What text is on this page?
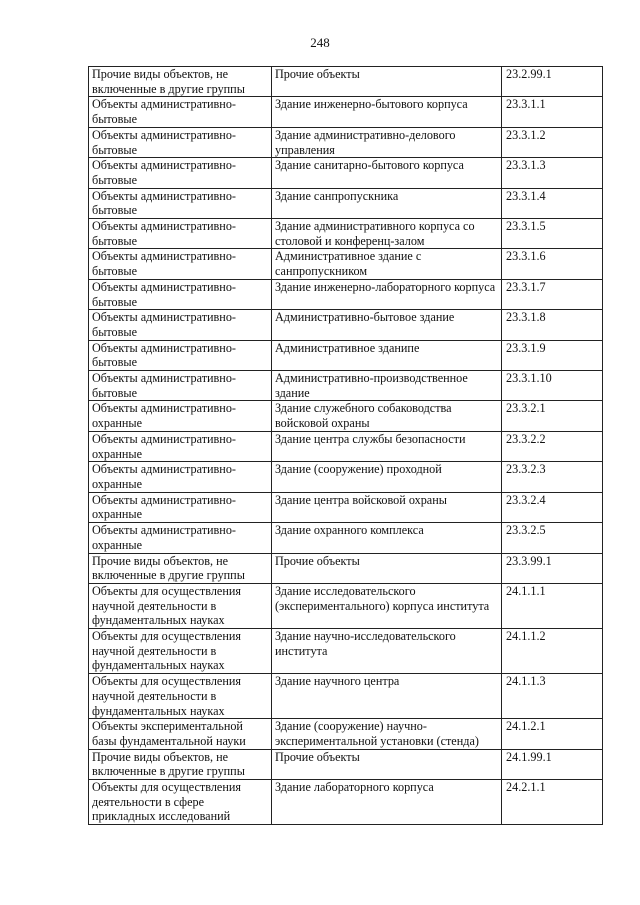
248
Прочие виды объектов, не включенные в другие группы	Прочие объекты	23.2.99.1
Объекты административно-бытовые	Здание инженерно-бытового корпуса	23.3.1.1
Объекты административно-бытовые	Здание административно-делового управления	23.3.1.2
Объекты административно-бытовые	Здание санитарно-бытового корпуса	23.3.1.3
Объекты административно-бытовые	Здание санпропускника	23.3.1.4
Объекты административно-бытовые	Здание административного корпуса со столовой и конференц-залом	23.3.1.5
Объекты административно-бытовые	Административное здание с санпропускником	23.3.1.6
Объекты административно-бытовые	Здание инженерно-лабораторного корпуса	23.3.1.7
Объекты административно-бытовые	Административно-бытовое здание	23.3.1.8
Объекты административно-бытовые	Административное зданипе	23.3.1.9
Объекты административно-бытовые	Административно-производственное здание	23.3.1.10
Объекты административно-охранные	Здание служебного собаководства войсковой охраны	23.3.2.1
Объекты административно-охранные	Здание центра службы безопасности	23.3.2.2
Объекты административно-охранные	Здание (сооружение) проходной	23.3.2.3
Объекты административно-охранные	Здание центра войсковой охраны	23.3.2.4
Объекты административно-охранные	Здание охранного комплекса	23.3.2.5
Прочие виды объектов, не включенные в другие группы	Прочие объекты	23.3.99.1
Объекты для осуществления научной деятельности в фундаментальных науках	Здание исследовательского (экспериментального) корпуса института	24.1.1.1
Объекты для осуществления научной деятельности в фундаментальных науках	Здание научно-исследовательского института	24.1.1.2
Объекты для осуществления научной деятельности в фундаментальных науках	Здание научного центра	24.1.1.3
Объекты экспериментальной базы фундаментальной науки	Здание (сооружение) научно-экспериментальной установки (стенда)	24.1.2.1
Прочие виды объектов, не включенные в другие группы	Прочие объекты	24.1.99.1
Объекты для осуществления деятельности в сфере прикладных исследований	Здание лабораторного корпуса	24.2.1.1
